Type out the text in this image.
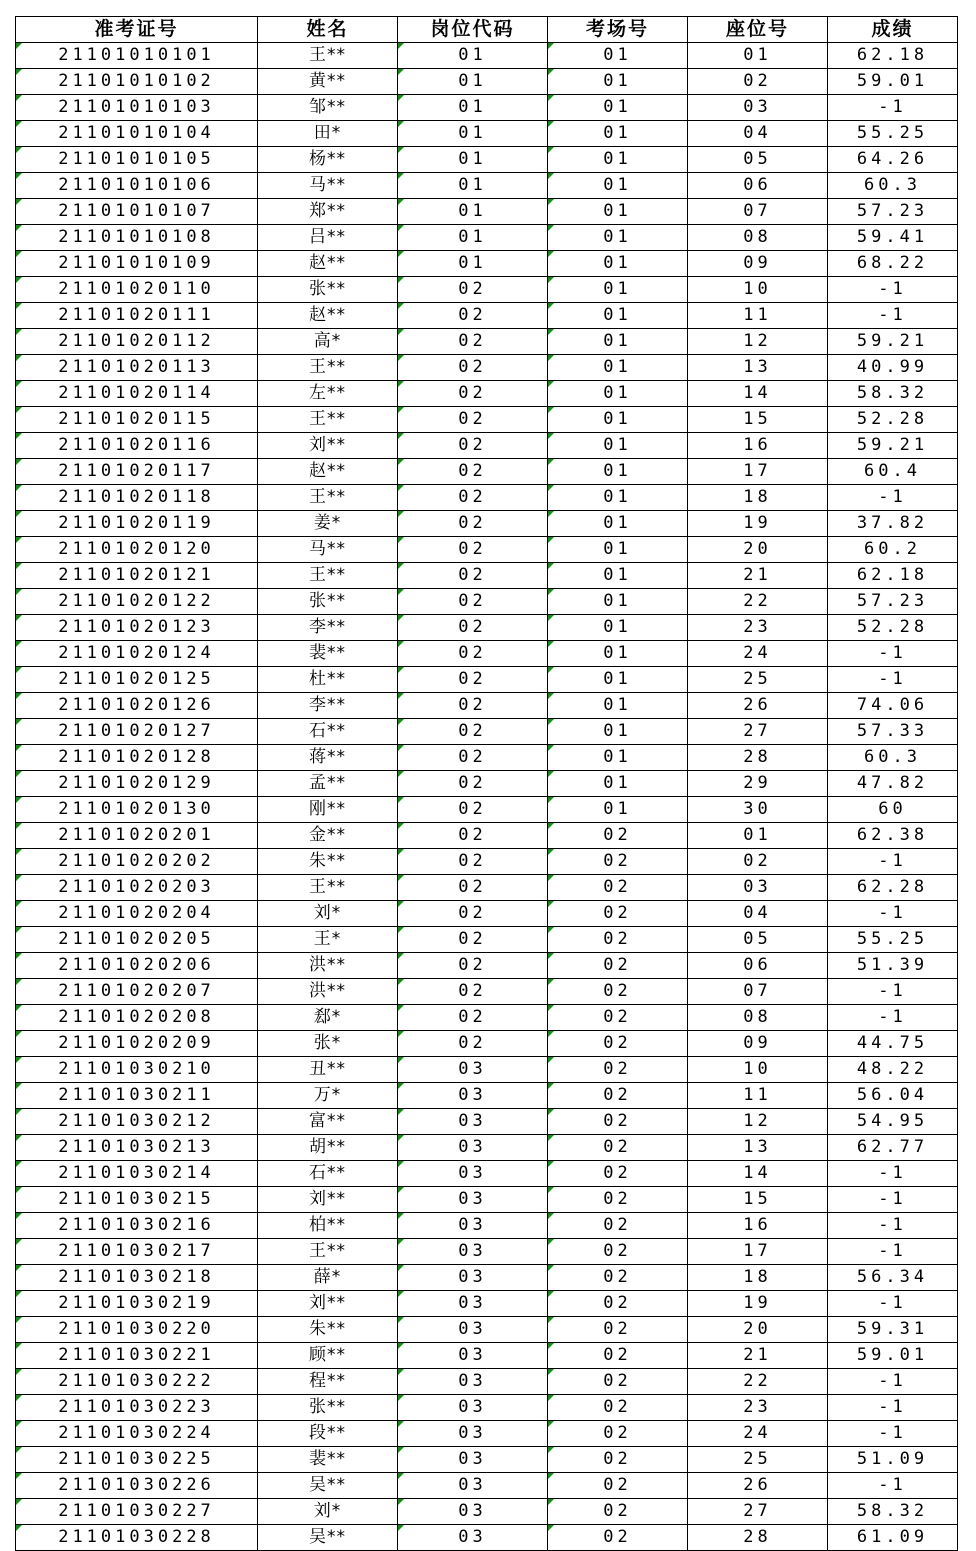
准考证号	姓名	岗位代码	考场号	座位号	成绩
21101010101	王**	01	01	01	62.18
21101010102	黄**	01	01	02	59.01
21101010103	邹**	01	01	03	-1
21101010104	田*	01	01	04	55.25
21101010105	杨**	01	01	05	64.26
21101010106	马**	01	01	06	60.3
21101010107	郑**	01	01	07	57.23
21101010108	吕**	01	01	08	59.41
21101010109	赵**	01	01	09	68.22
21101020110	张**	02	01	10	-1
21101020111	赵**	02	01	11	-1
21101020112	高*	02	01	12	59.21
21101020113	王**	02	01	13	40.99
21101020114	左**	02	01	14	58.32
21101020115	王**	02	01	15	52.28
21101020116	刘**	02	01	16	59.21
21101020117	赵**	02	01	17	60.4
21101020118	王**	02	01	18	-1
21101020119	姜*	02	01	19	37.82
21101020120	马**	02	01	20	60.2
21101020121	王**	02	01	21	62.18
21101020122	张**	02	01	22	57.23
21101020123	李**	02	01	23	52.28
21101020124	裴**	02	01	24	-1
21101020125	杜**	02	01	25	-1
21101020126	李**	02	01	26	74.06
21101020127	石**	02	01	27	57.33
21101020128	蒋**	02	01	28	60.3
21101020129	孟**	02	01	29	47.82
21101020130	刚**	02	01	30	60
21101020201	金**	02	02	01	62.38
21101020202	朱**	02	02	02	-1
21101020203	王**	02	02	03	62.28
21101020204	刘*	02	02	04	-1
21101020205	王*	02	02	05	55.25
21101020206	洪**	02	02	06	51.39
21101020207	洪**	02	02	07	-1
21101020208	郄*	02	02	08	-1
21101020209	张*	02	02	09	44.75
21101030210	丑**	03	02	10	48.22
21101030211	万*	03	02	11	56.04
21101030212	富**	03	02	12	54.95
21101030213	胡**	03	02	13	62.77
21101030214	石**	03	02	14	-1
21101030215	刘**	03	02	15	-1
21101030216	柏**	03	02	16	-1
21101030217	王**	03	02	17	-1
21101030218	薛*	03	02	18	56.34
21101030219	刘**	03	02	19	-1
21101030220	朱**	03	02	20	59.31
21101030221	顾**	03	02	21	59.01
21101030222	程**	03	02	22	-1
21101030223	张**	03	02	23	-1
21101030224	段**	03	02	24	-1
21101030225	裴**	03	02	25	51.09
21101030226	吴**	03	02	26	-1
21101030227	刘*	03	02	27	58.32
21101030228	吴**	03	02	28	61.09
